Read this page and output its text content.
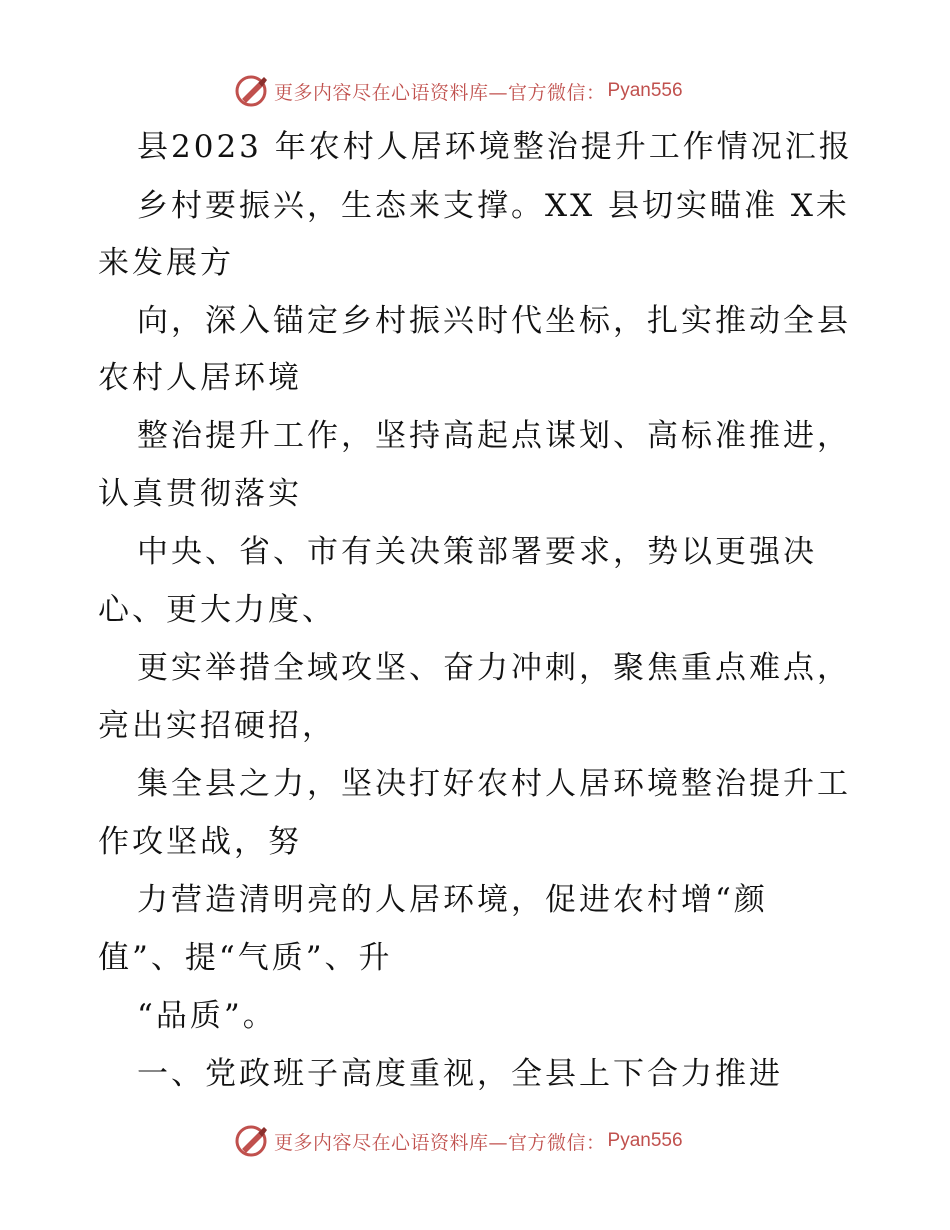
更多内容尽在心语资料库—官方微信： Pyan556
县2023 年农村人居环境整治提升工作情况汇报
乡村要振兴，生态来支撑。XX 县切实瞄准 X未
来发展方
向，深入锚定乡村振兴时代坐标，扎实推动全县
农村人居环境
整治提升工作，坚持高起点谋划、高标准推进，
认真贯彻落实
中央、省、市有关决策部署要求，势以更强决
心、更大力度、
更实举措全域攻坚、奋力冲刺，聚焦重点难点，
亮出实招硬招，
集全县之力，坚决打好农村人居环境整治提升工
作攻坚战，努
力营造清明亮的人居环境，促进农村增“颜
值”、提“气质”、升
“品质”。
一、党政班子高度重视，全县上下合力推进
更多内容尽在心语资料库—官方微信： Pyan556
